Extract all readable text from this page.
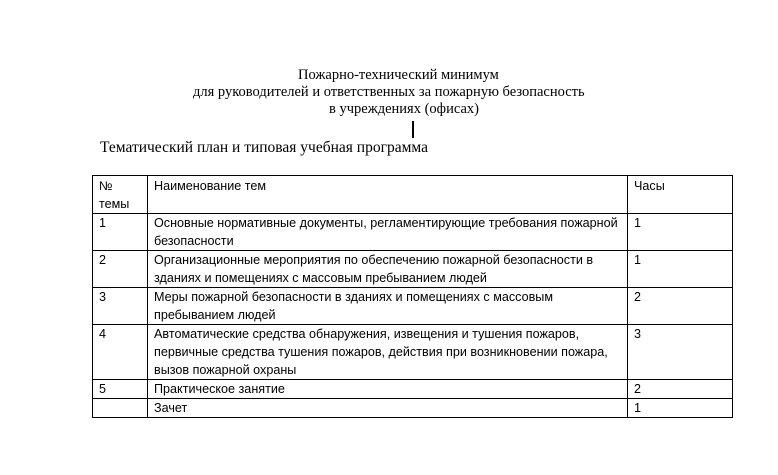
Пожарно-технический минимум
для руководителей и ответственных за пожарную безопасность
в учреждениях (офисах)
Тематический план и типовая учебная программа
№ темы	Наименование тем	Часы
1	Основные нормативные документы, регламентирующие требования пожарной безопасности	1
2	Организационные мероприятия по обеспечению пожарной безопасности в зданиях и помещениях с массовым пребыванием людей	1
3	Меры пожарной безопасности в зданиях и помещениях с массовым пребыванием людей	2
4	Автоматические средства обнаружения, извещения и тушения пожаров, первичные средства тушения пожаров, действия при возникновении пожара, вызов пожарной охраны	3
5	Практическое занятие	2
	Зачет	1
